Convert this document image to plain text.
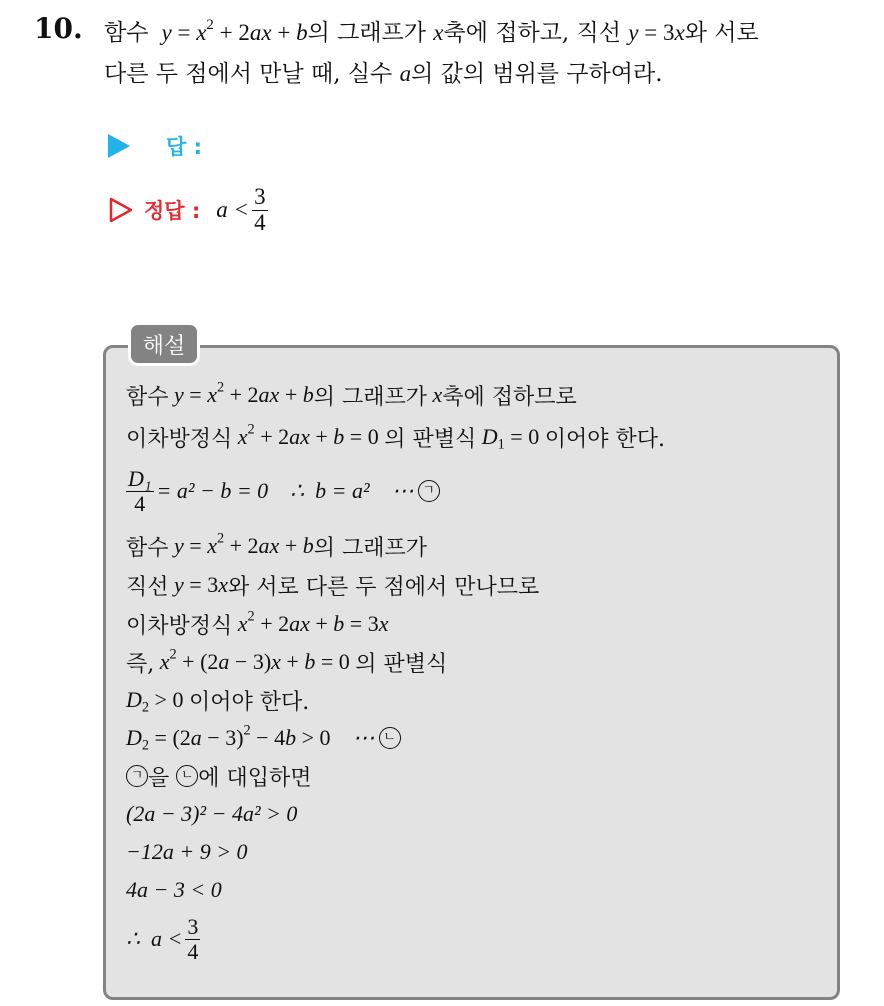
10. 함수  $y = x^2 + 2ax + b$의 그래프가 x축에 접하고, 직선 y = 3x와 서로
다른 두 점에서 만날 때, 실수 a의 값의 범위를 구하여라.
답 :
정답 : $a < \frac{3}{4}$
해설
함수 $y = x^2 + 2ax + b$ 의 그래프가 x 축에 접하므로
이차방정식 $x^2 + 2ax + b = 0$ 의 판별식 $D_1 = 0$ 이어야 한다.
$\frac{\text{D₁}}{4} = a^2 - b = 0$    ∴  b = a²    ⋯ ㄱ
함수 $y = x^2 + 2ax + b$ 의 그래프가
직선 y = 3x 와 서로 다른 두 점에서 만나므로
이차방정식 $x^2 + 2ax + b = 3x$
즉, $x^2 + (2a - 3)x + b = 0$ 의 판별식
$D_2 > 0$ 이어야 한다.
$D_2 = (2a - 3)^2 - 4b > 0$	⋯ ㄴ
ㄱ 을
ㄴ 에 대입하면
(2a − 3)² − 4a² > 0
−12a + 9 > 0
4a − 3 < 0
∴  $a < \frac{3}{4}$
